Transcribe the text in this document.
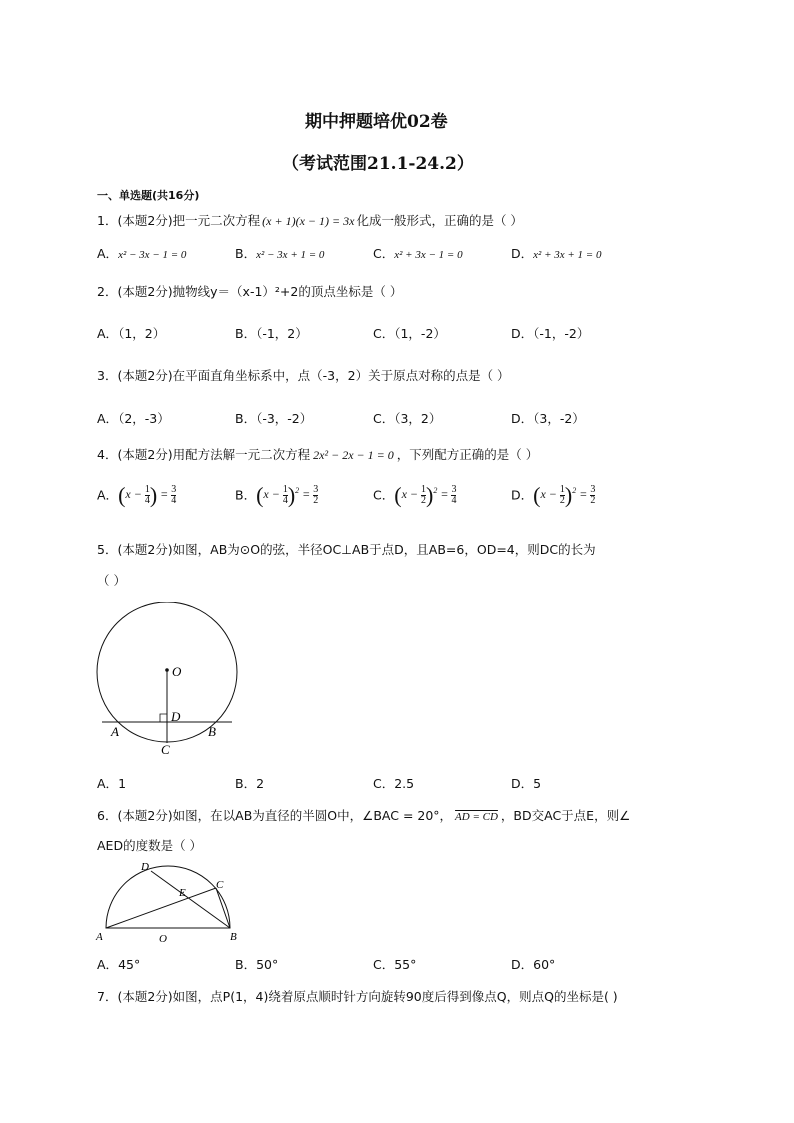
期中押题培优02卷
（考试范围21.1-24.2）
一、单选题(共16分)
1．(本题2分)把一元二次方程 (x + 1)(x − 1) = 3x 化成一般形式，正确的是（ ）
A．x² − 3x − 1 = 0	B．x² − 3x + 1 = 0	C．x² + 3x − 1 = 0	D．x² + 3x + 1 = 0
2．(本题2分)抛物线y＝（x-1）²+2的顶点坐标是（ ）
A．（1，2）	B．（-1，2）	C．（1，-2）	D．（-1，-2）
3．(本题2分)在平面直角坐标系中，点（-3，2）关于原点对称的点是（ ）
A．（2，-3）	B．（-3，-2）	C．（3，2）	D．（3，-2）
4．(本题2分)用配方法解一元二次方程 2x² − 2x − 1 = 0 ，下列配方正确的是（ ）
A．($x - \frac{1}{4}$ ) = $\frac{3}{4}$	B．$(x - \frac{1}{4} )^2 = \frac{3}{2}$	C．$(x - \frac{1}{2} )^2 = \frac{3}{4}$	D．$(x - \frac{1}{2} )^2 = \frac{3}{2}$
5．(本题2分)如图，AB为⊙O的弦，半径OC⊥AB于点D，且AB=6，OD=4，则DC的长为
（ ）
O
D
A	B
C
A．1	B．2	C．2.5	D．5
6．(本题2分)如图，在以AB为直径的半圆O中，∠BAC = 20°， AD = CD ，BD交AC于点E，则∠
AED的度数是（ ）
D
C
E
A	O	B
A．45°	B．50°	C．55°	D．60°
7．(本题2分)如图，点P(1，4)绕着原点顺时针方向旋转90度后得到像点Q，则点Q的坐标是( )
